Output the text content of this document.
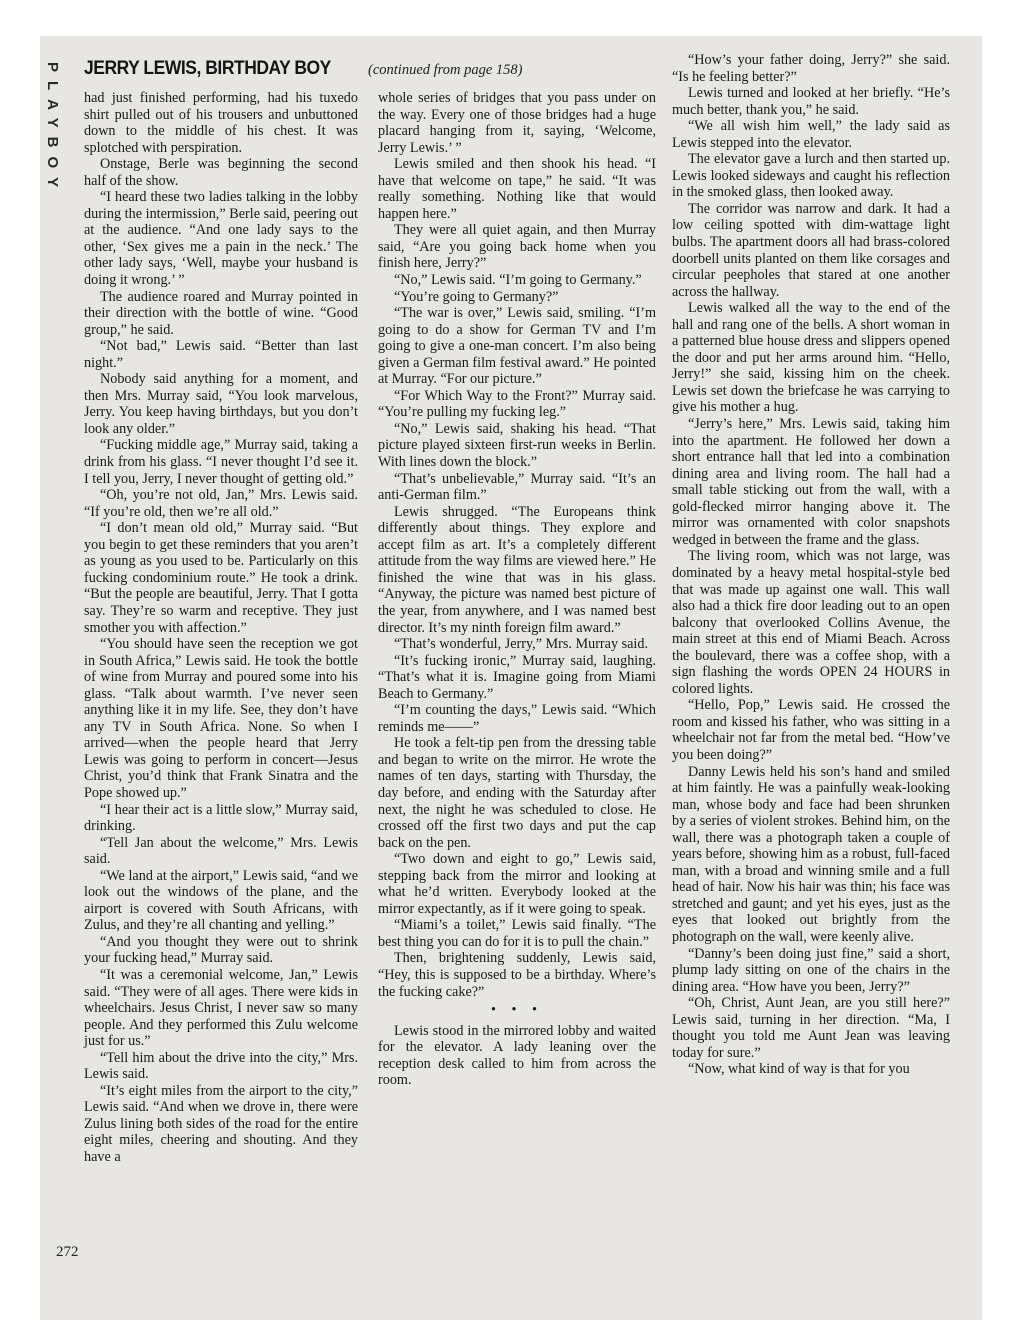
PLAYBOY JERRY LEWIS, BIRTHDAY BOY	(continued from page 158)

had just finished performing, had his tuxedo shirt pulled out of his trousers and unbuttoned down to the middle of his chest. It was splotched with perspiration.

Onstage, Berle was beginning the second half of the show.

“I heard these two ladies talking in the lobby during the intermission,” Berle said, peering out at the audience. “And one lady says to the other, ‘Sex gives me a pain in the neck.’ The other lady says, ‘Well, maybe your husband is doing it wrong.’ ”

The audience roared and Murray pointed in their direction with the bottle of wine. “Good group,” he said.

“Not bad,” Lewis said. “Better than last night.”

Nobody said anything for a moment, and then Mrs. Murray said, “You look marvelous, Jerry. You keep having birthdays, but you don’t look any older.”

“Fucking middle age,” Murray said, taking a drink from his glass. “I never thought I’d see it. I tell you, Jerry, I never thought of getting old.”

“Oh, you’re not old, Jan,” Mrs. Lewis said. “If you’re old, then we’re all old.”

“I don’t mean old old,” Murray said. “But you begin to get these reminders that you aren’t as young as you used to be. Particularly on this fucking condominium route.” He took a drink. “But the people are beautiful, Jerry. That I gotta say. They’re so warm and receptive. They just smother you with affection.”

“You should have seen the reception we got in South Africa,” Lewis said. He took the bottle of wine from Murray and poured some into his glass. “Talk about warmth. I’ve never seen anything like it in my life. See, they don’t have any TV in South Africa. None. So when I arrived—when the people heard that Jerry Lewis was going to perform in concert—Jesus Christ, you’d think that Frank Sinatra and the Pope showed up.”

“I hear their act is a little slow,” Murray said, drinking.

“Tell Jan about the welcome,” Mrs. Lewis said.

“We land at the airport,” Lewis said, “and we look out the windows of the plane, and the airport is covered with South Africans, with Zulus, and they’re all chanting and yelling.”

“And you thought they were out to shrink your fucking head,” Murray said.

“It was a ceremonial welcome, Jan,” Lewis said. “They were of all ages. There were kids in wheelchairs. Jesus Christ, I never saw so many people. And they performed this Zulu welcome just for us.”

“Tell him about the drive into the city,” Mrs. Lewis said.

“It’s eight miles from the airport to the city,” Lewis said. “And when we drove in, there were Zulus lining both sides of the road for the entire eight miles, cheering and shouting. And they have a

whole series of bridges that you pass under on the way. Every one of those bridges had a huge placard hanging from it, saying, ‘Welcome, Jerry Lewis.’ ”

Lewis smiled and then shook his head. “I have that welcome on tape,” he said. “It was really something. Nothing like that would happen here.”

They were all quiet again, and then Murray said, “Are you going back home when you finish here, Jerry?”

“No,” Lewis said. “I’m going to Germany.”

“You’re going to Germany?”

“The war is over,” Lewis said, smiling. “I’m going to do a show for German TV and I’m going to give a one-man concert. I’m also being given a German film festival award.” He pointed at Murray. “For our picture.”

“For Which Way to the Front?” Murray said. “You’re pulling my fucking leg.”

“No,” Lewis said, shaking his head. “That picture played sixteen first-run weeks in Berlin. With lines down the block.”

“That’s unbelievable,” Murray said. “It’s an anti-German film.”

Lewis shrugged. “The Europeans think differently about things. They explore and accept film as art. It’s a completely different attitude from the way films are viewed here.” He finished the wine that was in his glass. “Anyway, the picture was named best picture of the year, from anywhere, and I was named best director. It’s my ninth foreign film award.”

“That’s wonderful, Jerry,” Mrs. Murray said.

“It’s fucking ironic,” Murray said, laughing. “That’s what it is. Imagine going from Miami Beach to Germany.”

“I’m counting the days,” Lewis said. “Which reminds me——”

He took a felt-tip pen from the dressing table and began to write on the mirror. He wrote the names of ten days, starting with Thursday, the day before, and ending with the Saturday after next, the night he was scheduled to close. He crossed off the first two days and put the cap back on the pen.

“Two down and eight to go,” Lewis said, stepping back from the mirror and looking at what he’d written. Everybody looked at the mirror expectantly, as if it were going to speak.

“Miami’s a toilet,” Lewis said finally. “The best thing you can do for it is to pull the chain.”

Then, brightening suddenly, Lewis said, “Hey, this is supposed to be a birthday. Where’s the fucking cake?”

• • •

Lewis stood in the mirrored lobby and waited for the elevator. A lady leaning over the reception desk called to him from across the room.

“How’s your father doing, Jerry?” she said. “Is he feeling better?”

Lewis turned and looked at her briefly. “He’s much better, thank you,” he said.

“We all wish him well,” the lady said as Lewis stepped into the elevator.

The elevator gave a lurch and then started up. Lewis looked sideways and caught his reflection in the smoked glass, then looked away.

The corridor was narrow and dark. It had a low ceiling spotted with dim-wattage light bulbs. The apartment doors all had brass-colored doorbell units planted on them like corsages and circular peepholes that stared at one another across the hallway.

Lewis walked all the way to the end of the hall and rang one of the bells. A short woman in a patterned blue house dress and slippers opened the door and put her arms around him. “Hello, Jerry!” she said, kissing him on the cheek. Lewis set down the briefcase he was carrying to give his mother a hug.

“Jerry’s here,” Mrs. Lewis said, taking him into the apartment. He followed her down a short entrance hall that led into a combination dining area and living room. The hall had a small table sticking out from the wall, with a gold-flecked mirror hanging above it. The mirror was ornamented with color snapshots wedged in between the frame and the glass.

The living room, which was not large, was dominated by a heavy metal hospital-style bed that was made up against one wall. This wall also had a thick fire door leading out to an open balcony that overlooked Collins Avenue, the main street at this end of Miami Beach. Across the boulevard, there was a coffee shop, with a sign flashing the words OPEN 24 HOURS in colored lights.

“Hello, Pop,” Lewis said. He crossed the room and kissed his father, who was sitting in a wheelchair not far from the metal bed. “How’ve you been doing?”

Danny Lewis held his son’s hand and smiled at him faintly. He was a painfully weak-looking man, whose body and face had been shrunken by a series of violent strokes. Behind him, on the wall, there was a photograph taken a couple of years before, showing him as a robust, full-faced man, with a broad and winning smile and a full head of hair. Now his hair was thin; his face was stretched and gaunt; and yet his eyes, just as the eyes that looked out brightly from the photograph on the wall, were keenly alive.

“Danny’s been doing just fine,” said a short, plump lady sitting on one of the chairs in the dining area. “How have you been, Jerry?”

“Oh, Christ, Aunt Jean, are you still here?” Lewis said, turning in her direction. “Ma, I thought you told me Aunt Jean was leaving today for sure.”

“Now, what kind of way is that for you

272
